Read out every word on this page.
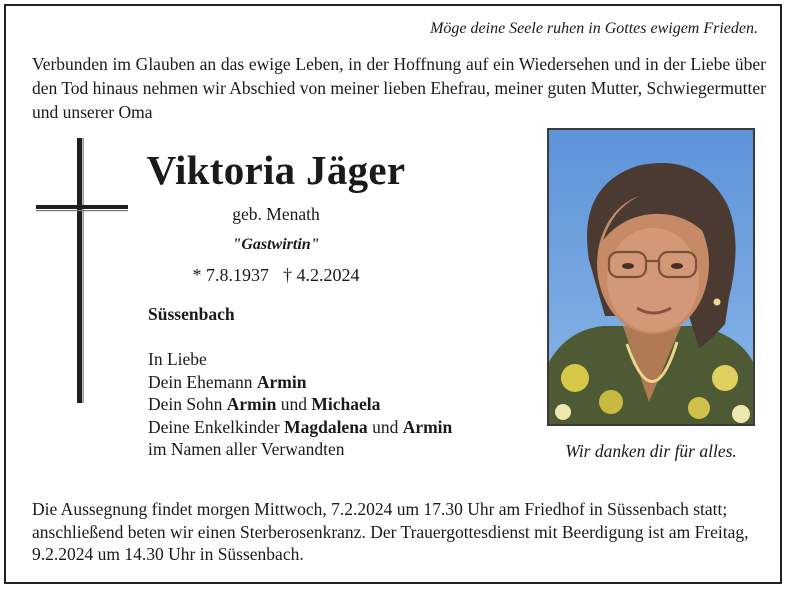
Möge deine Seele ruhen in Gottes ewigem Frieden.
Verbunden im Glauben an das ewige Leben, in der Hoffnung auf ein Wiedersehen und in der Liebe über den Tod hinaus nehmen wir Abschied von meiner lieben Ehefrau, meiner guten Mutter, Schwiegermutter und unserer Oma
Viktoria Jäger
geb. Menath
"Gastwirtin"
* 7.8.1937 † 4.2.2024
Süssenbach
In Liebe
Dein Ehemann Armin
Dein Sohn Armin und Michaela
Deine Enkelkinder Magdalena und Armin
im Namen aller Verwandten	Wir danken dir für alles.
Die Aussegnung findet morgen Mittwoch, 7.2.2024 um 17.30 Uhr am Friedhof in Süssenbach statt; anschließend beten wir einen Sterberosenkranz. Der Trauergottesdienst mit Beerdigung ist am Freitag, 9.2.2024 um 14.30 Uhr in Süssenbach.
